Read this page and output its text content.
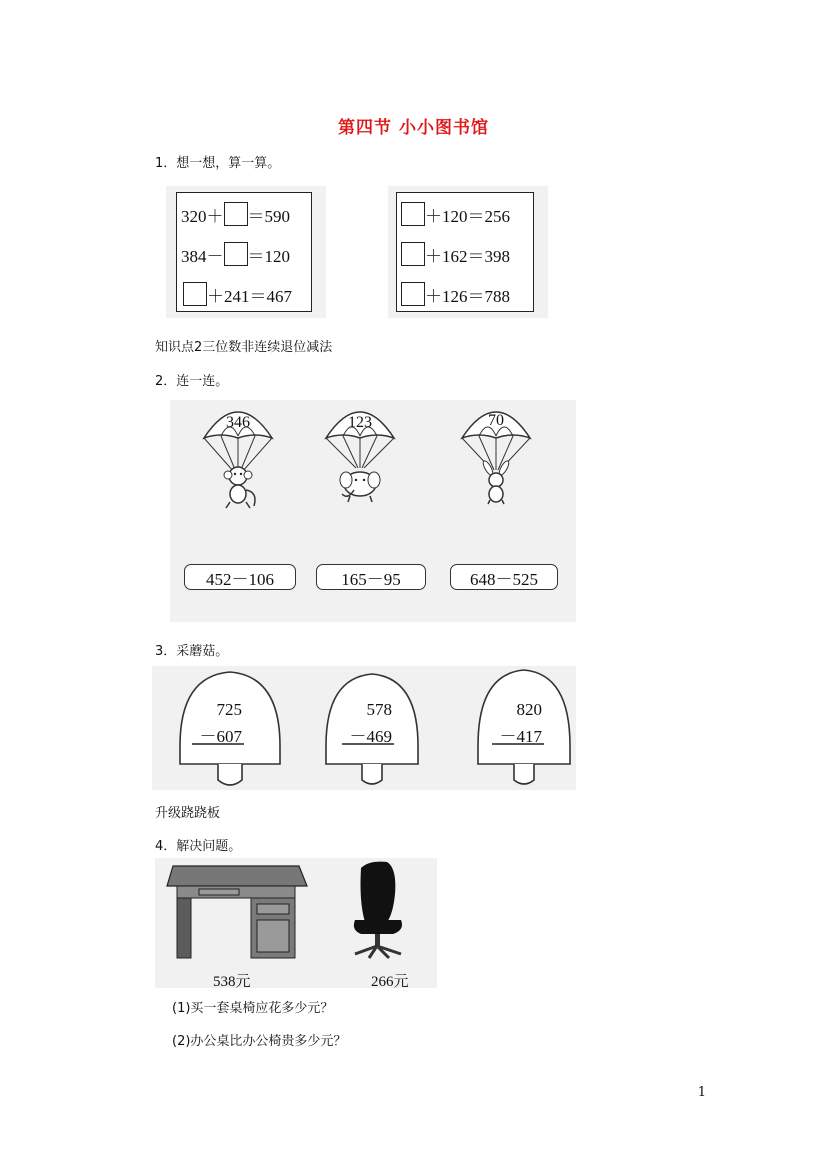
第四节 小小图书馆
1．想一想，算一算。
320＋ ＝590
384－ ＝120
＋241＝467
＋120＝256
＋162＝398
＋126＝788
知识点2三位数非连续退位减法
2．连一连。
346	123	70
452－106	165－95	648－525
3．采蘑菇。
725
－607
578
－469
820
－417
升级跷跷板
4．解决问题。
538元	266元
(1)买一套桌椅应花多少元？
(2)办公桌比办公椅贵多少元？
1
